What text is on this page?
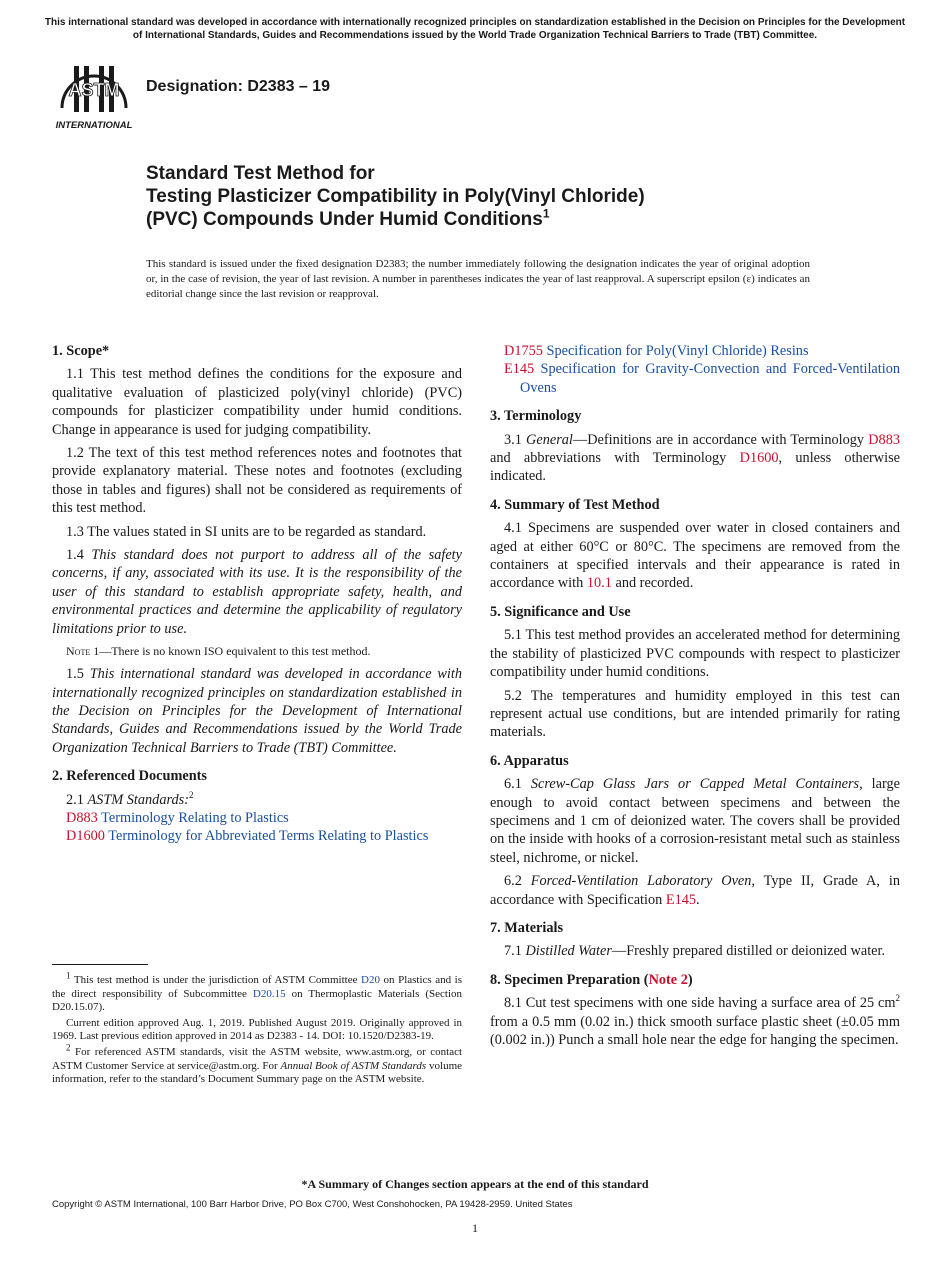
This international standard was developed in accordance with internationally recognized principles on standardization established in the Decision on Principles for the Development of International Standards, Guides and Recommendations issued by the World Trade Organization Technical Barriers to Trade (TBT) Committee.
ASTM
INTERNATIONAL
Designation: D2383 – 19
Standard Test Method for
Testing Plasticizer Compatibility in Poly(Vinyl Chloride)
(PVC) Compounds Under Humid Conditions$^1$

This standard is issued under the fixed designation D2383; the number immediately following the designation indicates the year of original adoption or, in the case of revision, the year of last revision. A number in parentheses indicates the year of last reapproval. A superscript epsilon (ε) indicates an editorial change since the last revision or reapproval.

1. Scope*

1.1 This test method defines the conditions for the exposure and qualitative evaluation of plasticized poly(vinyl chloride) (PVC) compounds for plasticizer compatibility under humid conditions. Change in appearance is used for judging compatibility.

1.2 The text of this test method references notes and footnotes that provide explanatory material. These notes and footnotes (excluding those in tables and figures) shall not be considered as requirements of this test method.

1.3 The values stated in SI units are to be regarded as standard.

1.4 This standard does not purport to address all of the safety concerns, if any, associated with its use. It is the responsibility of the user of this standard to establish appropriate safety, health, and environmental practices and determine the applicability of regulatory limitations prior to use.

Note 1—There is no known ISO equivalent to this test method.

1.5 This international standard was developed in accordance with internationally recognized principles on standardization established in the Decision on Principles for the Development of International Standards, Guides and Recommendations issued by the World Trade Organization Technical Barriers to Trade (TBT) Committee.

2. Referenced Documents

2.1 ASTM Standards:$^2$

D883 Terminology Relating to Plastics

D1600 Terminology for Abbreviated Terms Relating to Plastics

D1755 Specification for Poly(Vinyl Chloride) Resins

E145 Specification for Gravity-Convection and Forced-Ventilation Ovens

3. Terminology

3.1 General—Definitions are in accordance with Terminology D883 and abbreviations with Terminology D1600, unless otherwise indicated.

4. Summary of Test Method

4.1 Specimens are suspended over water in closed containers and aged at either 60°C or 80°C. The specimens are removed from the containers at specified intervals and their appearance is rated in accordance with 10.1 and recorded.

5. Significance and Use

5.1 This test method provides an accelerated method for determining the stability of plasticized PVC compounds with respect to plasticizer compatibility under humid conditions.

5.2 The temperatures and humidity employed in this test can represent actual use conditions, but are intended primarily for rating materials.

6. Apparatus

6.1 Screw-Cap Glass Jars or Capped Metal Containers, large enough to avoid contact between specimens and between the specimens and 1 cm of deionized water. The covers shall be provided on the inside with hooks of a corrosion-resistant metal such as stainless steel, nichrome, or nickel.

6.2 Forced-Ventilation Laboratory Oven, Type II, Grade A, in accordance with Specification E145.

7. Materials

7.1 Distilled Water—Freshly prepared distilled or deionized water.

8. Specimen Preparation (Note 2)

8.1 Cut test specimens with one side having a surface area of 25 $cm^2$ from a 0.5 mm (0.02 in.) thick smooth surface plastic sheet (±0.05 mm (0.002 in.)) Punch a small hole near the edge for hanging the specimen.

$^1$ This test method is under the jurisdiction of ASTM Committee D20 on Plastics and is the direct responsibility of Subcommittee D20.15 on Thermoplastic Materials (Section D20.15.07).

Current edition approved Aug. 1, 2019. Published August 2019. Originally approved in 1969. Last previous edition approved in 2014 as D2383 - 14. DOI: 10.1520/D2383-19.

$^2$ For referenced ASTM standards, visit the ASTM website, www.astm.org, or contact ASTM Customer Service at service@astm.org. For Annual Book of ASTM Standards volume information, refer to the standard’s Document Summary page on the ASTM website.

*A Summary of Changes section appears at the end of this standard
Copyright © ASTM International, 100 Barr Harbor Drive, PO Box C700, West Conshohocken, PA 19428-2959. United States
1
